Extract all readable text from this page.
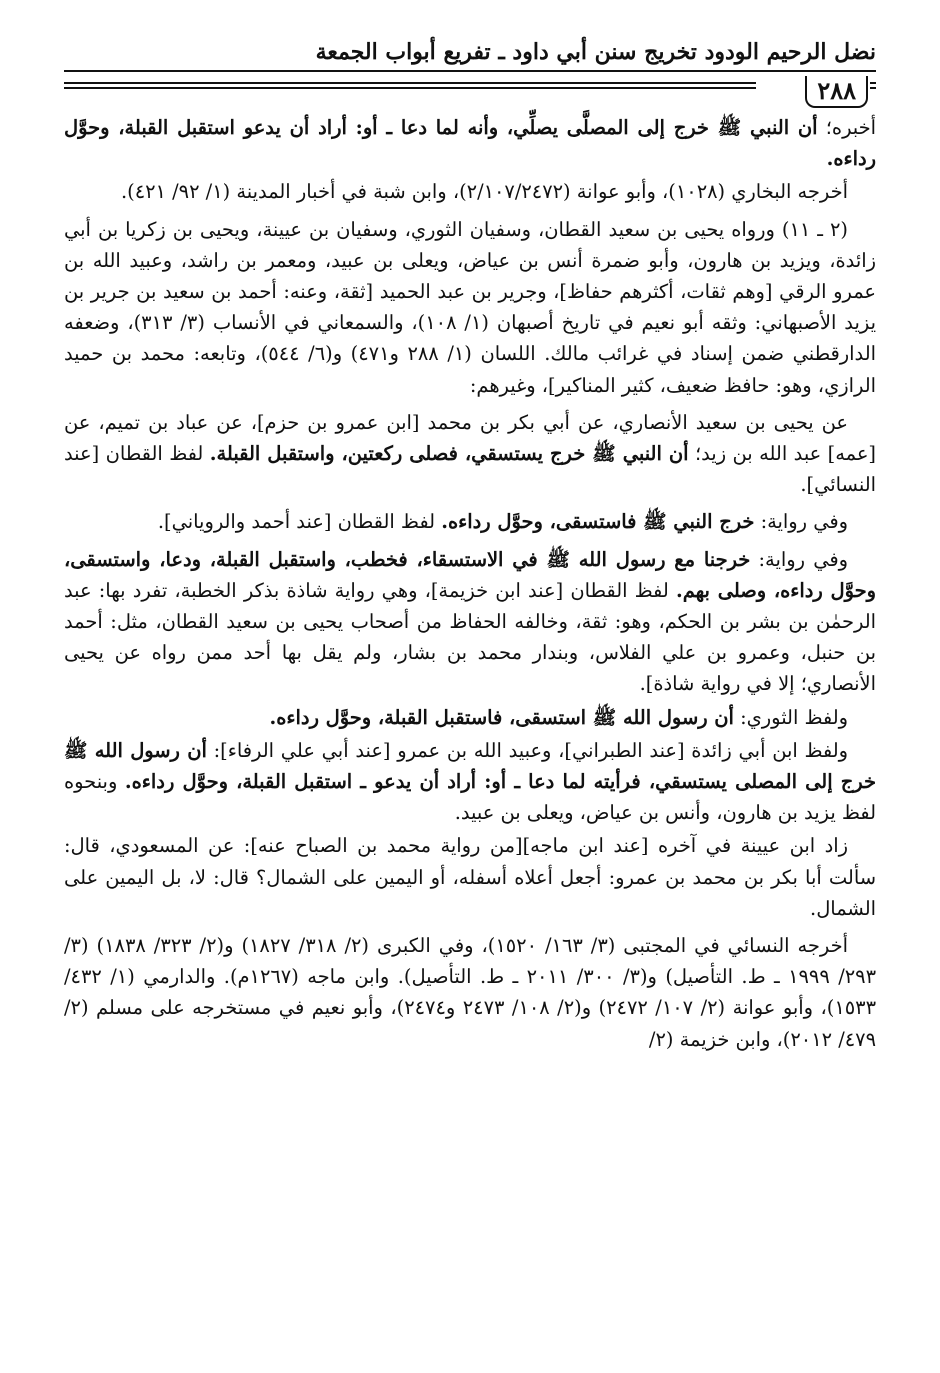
نضل الرحيم الودود تخريج سنن أبي داود ـ تفريع أبواب الجمعة
٢٨٨

أخبره؛ أن النبي ﷺ خرج إلى المصلَّى يصلِّي، وأنه لما دعا ـ أو: أراد أن يدعو استقبل القبلة، وحوَّل رداءه.

أخرجه البخاري (١٠٢٨)، وأبو عوانة (٢/١٠٧/٢٤٧٢)، وابن شبة في أخبار المدينة (١/ ٩٢/ ٤٢١).

(٢ ـ ١١) ورواه يحيى بن سعيد القطان، وسفيان الثوري، وسفيان بن عيينة، ويحيى بن زكريا بن أبي زائدة، ويزيد بن هارون، وأبو ضمرة أنس بن عياض، ويعلى بن عبيد، ومعمر بن راشد، وعبيد الله بن عمرو الرقي [وهم ثقات، أكثرهم حفاظ]، وجرير بن عبد الحميد [ثقة، وعنه: أحمد بن سعيد بن جرير بن يزيد الأصبهاني: وثقه أبو نعيم في تاريخ أصبهان (١/ ١٠٨)، والسمعاني في الأنساب (٣/ ٣١٣)، وضعفه الدارقطني ضمن إسناد في غرائب مالك. اللسان (١/ ٢٨٨ و٤٧١) و(٦/ ٥٤٤)، وتابعه: محمد بن حميد الرازي، وهو: حافظ ضعيف، كثير المناكير]، وغيرهم:

عن يحيى بن سعيد الأنصاري، عن أبي بكر بن محمد [ابن عمرو بن حزم]، عن عباد بن تميم، عن [عمه] عبد الله بن زيد؛ أن النبي ﷺ خرج يستسقي، فصلى ركعتين، واستقبل القبلة. لفظ القطان [عند النسائي].

وفي رواية: خرج النبي ﷺ فاستسقى، وحوَّل رداءه. لفظ القطان [عند أحمد والروياني].

وفي رواية: خرجنا مع رسول الله ﷺ في الاستسقاء، فخطب، واستقبل القبلة، ودعا، واستسقى، وحوَّل رداءه، وصلى بهم. لفظ القطان [عند ابن خزيمة]، وهي رواية شاذة بذكر الخطبة، تفرد بها: عبد الرحمٰن بن بشر بن الحكم، وهو: ثقة، وخالفه الحفاظ من أصحاب يحيى بن سعيد القطان، مثل: أحمد بن حنبل، وعمرو بن علي الفلاس، وبندار محمد بن بشار، ولم يقل بها أحد ممن رواه عن يحيى الأنصاري؛ إلا في رواية شاذة].

ولفظ الثوري: أن رسول الله ﷺ استسقى، فاستقبل القبلة، وحوَّل رداءه.

ولفظ ابن أبي زائدة [عند الطبراني]، وعبيد الله بن عمرو [عند أبي علي الرفاء]: أن رسول الله ﷺ خرج إلى المصلى يستسقي، فرأيته لما دعا ـ أو: أراد أن يدعو ـ استقبل القبلة، وحوَّل رداءه. وبنحوه لفظ يزيد بن هارون، وأنس بن عياض، ويعلى بن عبيد.

زاد ابن عيينة في آخره [عند ابن ماجه][من رواية محمد بن الصباح عنه]: عن المسعودي، قال: سألت أبا بكر بن محمد بن عمرو: أجعل أعلاه أسفله، أو اليمين على الشمال؟ قال: لا، بل اليمين على الشمال.

أخرجه النسائي في المجتبى (٣/ ١٦٣/ ١٥٢٠)، وفي الكبرى (٢/ ٣١٨/ ١٨٢٧) و(٢/ ٣٢٣/ ١٨٣٨) (٣/ ٢٩٣/ ١٩٩٩ ـ ط. التأصيل) و(٣/ ٣٠٠/ ٢٠١١ ـ ط. التأصيل). وابن ماجه (١٢٦٧م). والدارمي (١/ ٤٣٢/ ١٥٣٣)، وأبو عوانة (٢/ ١٠٧/ ٢٤٧٢) و(٢/ ١٠٨/ ٢٤٧٣ و٢٤٧٤)، وأبو نعيم في مستخرجه على مسلم (٢/ ٤٧٩/ ٢٠١٢)، وابن خزيمة (٢/
